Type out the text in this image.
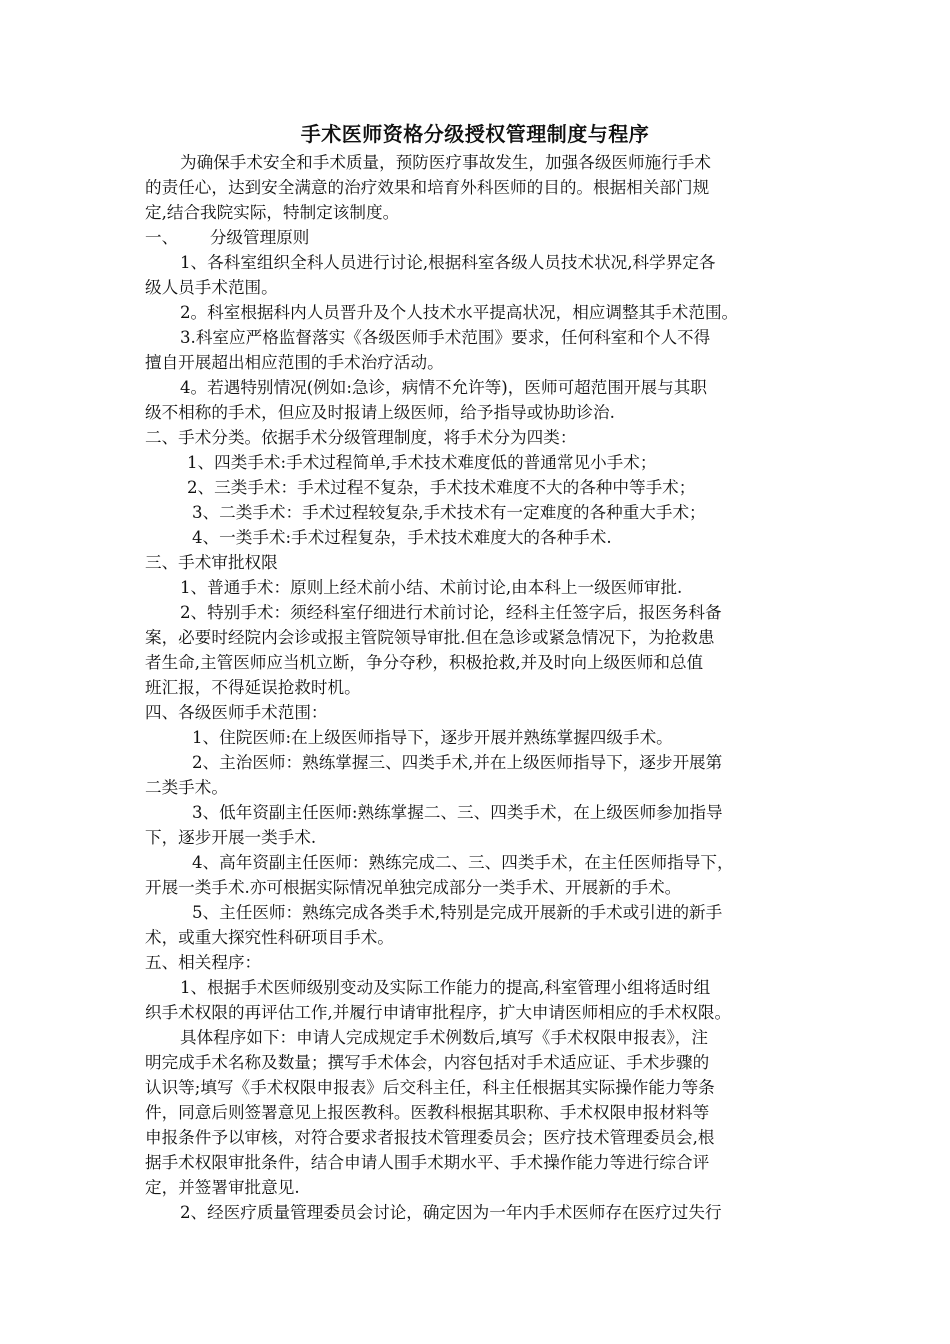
手术医师资格分级授权管理制度与程序
为确保手术安全和手术质量，预防医疗事故发生，加强各级医师施行手术
的责任心，达到安全满意的治疗效果和培育外科医师的目的。根据相关部门规
定,结合我院实际，特制定该制度。
一、      分级管理原则
1、各科室组织全科人员进行讨论,根据科室各级人员技术状况,科学界定各
级人员手术范围。
2。科室根据科内人员晋升及个人技术水平提高状况，相应调整其手术范围。
3.科室应严格监督落实《各级医师手术范围》要求，任何科室和个人不得
擅自开展超出相应范围的手术治疗活动。
4。若遇特别情况(例如:急诊，病情不允许等)，医师可超范围开展与其职
级不相称的手术，但应及时报请上级医师，给予指导或协助诊治.
二、手术分类。依据手术分级管理制度，将手术分为四类：
1、四类手术:手术过程简单,手术技术难度低的普通常见小手术；
2、三类手术：手术过程不复杂，手术技术难度不大的各种中等手术；
3、二类手术：手术过程较复杂,手术技术有一定难度的各种重大手术；
4、一类手术:手术过程复杂，手术技术难度大的各种手术.
三、手术审批权限
1、普通手术：原则上经术前小结、术前讨论,由本科上一级医师审批.
2、特别手术：须经科室仔细进行术前讨论，经科主任签字后，报医务科备
案，必要时经院内会诊或报主管院领导审批.但在急诊或紧急情况下，为抢救患
者生命,主管医师应当机立断，争分夺秒，积极抢救,并及时向上级医师和总值
班汇报，不得延误抢救时机。
四、各级医师手术范围：
1、住院医师:在上级医师指导下，逐步开展并熟练掌握四级手术。
2、主治医师：熟练掌握三、四类手术,并在上级医师指导下，逐步开展第
二类手术。
3、低年资副主任医师:熟练掌握二、三、四类手术，在上级医师参加指导
下，逐步开展一类手术.
4、高年资副主任医师：熟练完成二、三、四类手术，在主任医师指导下，
开展一类手术.亦可根据实际情况单独完成部分一类手术、开展新的手术。
5、主任医师：熟练完成各类手术,特别是完成开展新的手术或引进的新手
术，或重大探究性科研项目手术。
五、相关程序：
1、根据手术医师级别变动及实际工作能力的提高,科室管理小组将适时组
织手术权限的再评估工作,并履行申请审批程序，扩大申请医师相应的手术权限。
具体程序如下：申请人完成规定手术例数后,填写《手术权限申报表》，注
明完成手术名称及数量；撰写手术体会，内容包括对手术适应证、手术步骤的
认识等;填写《手术权限申报表》后交科主任，科主任根据其实际操作能力等条
件，同意后则签署意见上报医教科。医教科根据其职称、手术权限申报材料等
申报条件予以审核，对符合要求者报技术管理委员会；医疗技术管理委员会,根
据手术权限审批条件，结合申请人围手术期水平、手术操作能力等进行综合评
定，并签署审批意见.
2、经医疗质量管理委员会讨论，确定因为一年内手术医师存在医疗过失行
